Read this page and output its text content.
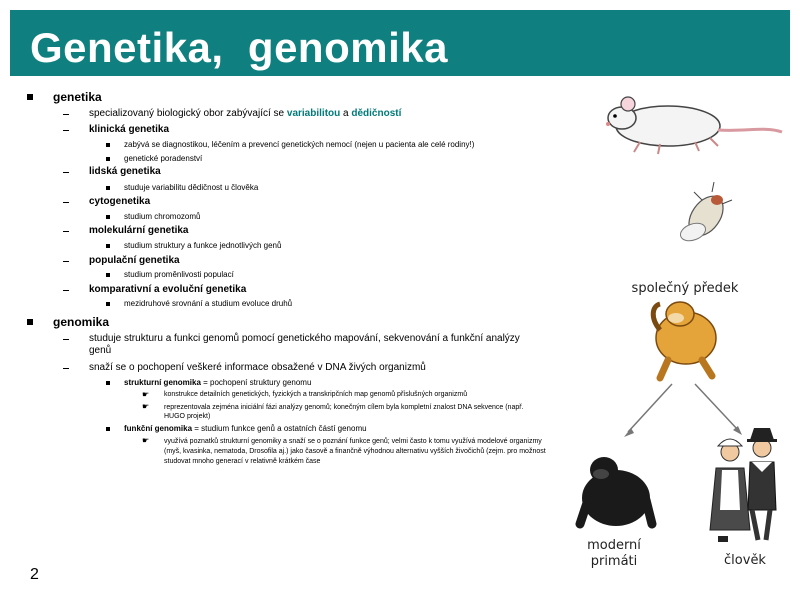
Genetika,  genomika
genetika
specializovaný biologický obor zabývající se variabilitou a dědičností
klinická genetika
zabývá se diagnostikou, léčením a prevencí genetických nemocí (nejen u pacienta ale celé rodiny!)
genetické poradenství
lidská genetika
studuje variabilitu dědičnost u člověka
cytogenetika
studium chromozomů
molekulární genetika
studium struktury a funkce jednotlivých genů
populační genetika
studium proměnlivosti populací
komparativní a evoluční genetika
mezidruhové srovnání a studium evoluce druhů
genomika
studuje strukturu a funkci genomů pomocí genetického mapování, sekvenování a funkční analýzy genů
snaží se o pochopení veškeré informace obsažené v DNA živých organizmů
strukturní genomika = pochopení struktury genomu
☛ konstrukce detailních genetických, fyzických a transkripčních map genomů příslušných organizmů
☛ reprezentovala zejména iniciální fázi analýzy genomů; konečným cílem byla kompletní znalost DNA sekvence (např. HUGO projekt)
funkční genomika = studium funkce genů a ostatních částí genomu
☛ využívá poznatků strukturní genomiky a snaží se o poznání funkce genů; velmi často k tomu využívá modelové organizmy (myš, kvasinka, nematoda, Drosofila aj.) jako časově a finančně výhodnou alternativu vyšších živočichů (zejm. pro možnost studovat mnoho generací v relativně krátkém čase
2
společný předek
moderní
primáti	člověk
